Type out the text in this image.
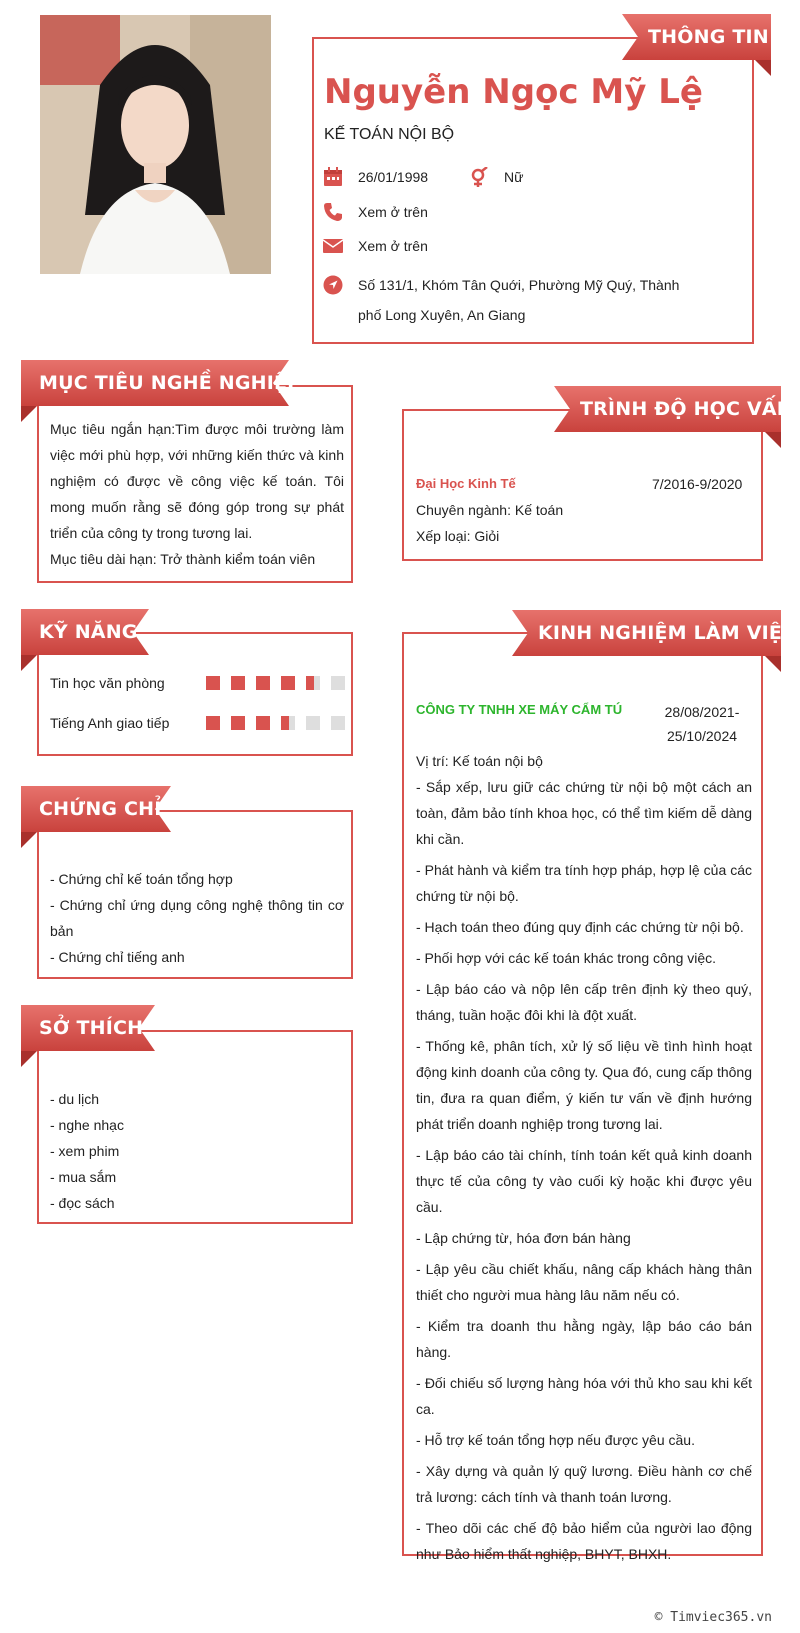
THÔNG TIN
Nguyễn Ngọc Mỹ Lệ
KẾ TOÁN NỘI BỘ
26/01/1998	Nữ
Xem ở trên
Xem ở trên
Số 131/1, Khóm Tân Quới, Phường Mỹ Quý, Thành phố Long Xuyên, An Giang
MỤC TIÊU NGHỀ NGHIỆP
Mục tiêu ngắn hạn:Tìm được môi trường làm việc mới phù hợp, với những kiến thức và kinh nghiệm có được về công việc kế toán. Tôi mong muốn rằng sẽ đóng góp trong sự phát triển của công ty trong tương lai.
Mục tiêu dài hạn: Trở thành kiểm toán viên
KỸ NĂNG
Tin học văn phòng
Tiếng Anh giao tiếp
CHỨNG CHỈ
- Chứng chỉ kế toán tổng hợp
- Chứng chỉ ứng dụng công nghệ thông tin cơ bản
- Chứng chỉ tiếng anh
SỞ THÍCH
- du lịch
- nghe nhạc
- xem phim
- mua sắm
- đọc sách
TRÌNH ĐỘ HỌC VẤN
Đại Học Kinh Tế	7/2016-9/2020
Chuyên ngành: Kế toán
Xếp loại: Giỏi
KINH NGHIỆM LÀM VIỆC
CÔNG TY TNHH XE MÁY CẨM TÚ	28/08/2021-
25/10/2024
Vị trí: Kế toán nội bộ

- Sắp xếp, lưu giữ các chứng từ nội bộ một cách an toàn, đảm bảo tính khoa học, có thể tìm kiếm dễ dàng khi cần.

- Phát hành và kiểm tra tính hợp pháp, hợp lệ của các chứng từ nội bộ.

- Hạch toán theo đúng quy định các chứng từ nội bộ.

- Phối hợp với các kế toán khác trong công việc.

- Lập báo cáo và nộp lên cấp trên định kỳ theo quý, tháng, tuần hoặc đôi khi là đột xuất.

- Thống kê, phân tích, xử lý số liệu về tình hình hoạt động kinh doanh của công ty. Qua đó, cung cấp thông tin, đưa ra quan điểm, ý kiến tư vấn về định hướng phát triển doanh nghiệp trong tương lai.

- Lập báo cáo tài chính, tính toán kết quả kinh doanh thực tế của công ty vào cuối kỳ hoặc khi được yêu cầu.

- Lập chứng từ, hóa đơn bán hàng

- Lập yêu cầu chiết khấu, nâng cấp khách hàng thân thiết cho người mua hàng lâu năm nếu có.

- Kiểm tra doanh thu hằng ngày, lập báo cáo bán hàng.

- Đối chiếu số lượng hàng hóa với thủ kho sau khi kết ca.

- Hỗ trợ kế toán tổng hợp nếu được yêu cầu.

- Xây dựng và quản lý quỹ lương. Điều hành cơ chế trả lương: cách tính và thanh toán lương.

- Theo dõi các chế độ bảo hiểm của người lao động như Bảo hiểm thất nghiệp, BHYT, BHXH.

© Timviec365.vn
